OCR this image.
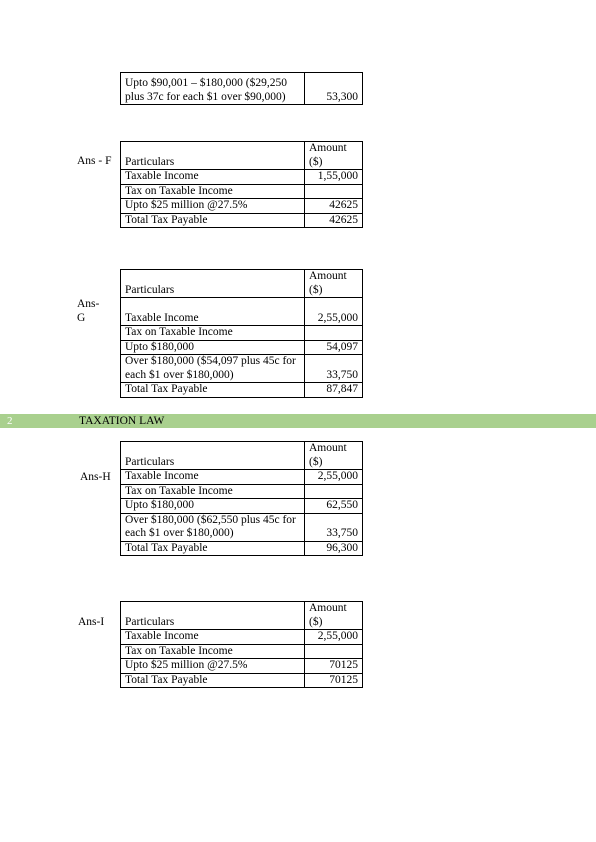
Upto $90,001 – $180,000 ($29,250 plus 37c for each $1 over $90,000)	53,300
Ans - F Particulars	Amount ($)
Taxable Income	1,55,000
Tax on Taxable Income	
Upto $25 million @27.5%	42625
Total Tax Payable	42625
Ans- G
Particulars	Amount ($)
Taxable Income	2,55,000
Tax on Taxable Income	
Upto $180,000	54,097
Over $180,000 ($54,097 plus 45c for each $1 over $180,000)	33,750
Total Tax Payable	87,847
2	TAXATION LAW
Ans-H
Particulars	Amount ($)
Taxable Income	2,55,000
Tax on Taxable Income	
Upto $180,000	62,550
Over $180,000 ($62,550 plus 45c for each $1 over $180,000)	33,750
Total Tax Payable	96,300
Ans-I Particulars	Amount ($)
Taxable Income	2,55,000
Tax on Taxable Income	
Upto $25 million @27.5%	70125
Total Tax Payable	70125
